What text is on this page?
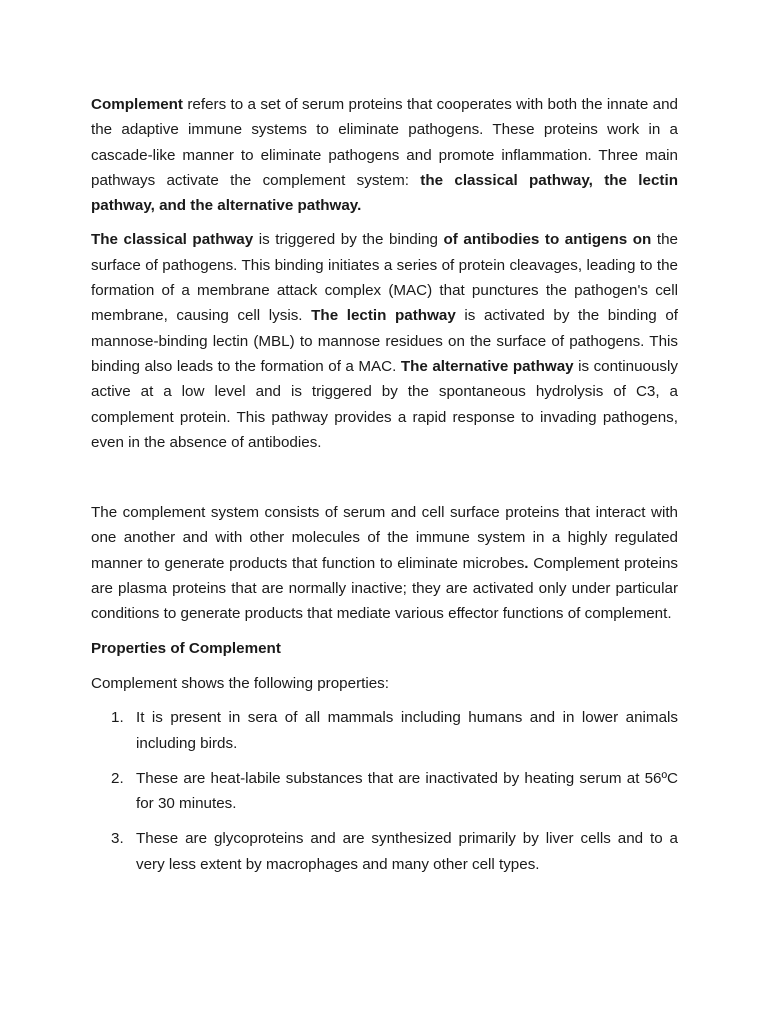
Complement refers to a set of serum proteins that cooperates with both the innate and the adaptive immune systems to eliminate pathogens. These proteins work in a cascade-like manner to eliminate pathogens and promote inflammation. Three main pathways activate the complement system: the classical pathway, the lectin pathway, and the alternative pathway.

The classical pathway is triggered by the binding of antibodies to antigens on the surface of pathogens. This binding initiates a series of protein cleavages, leading to the formation of a membrane attack complex (MAC) that punctures the pathogen's cell membrane, causing cell lysis. The lectin pathway is activated by the binding of mannose-binding lectin (MBL) to mannose residues on the surface of pathogens. This binding also leads to the formation of a MAC. The alternative pathway is continuously active at a low level and is triggered by the spontaneous hydrolysis of C3, a complement protein. This pathway provides a rapid response to invading pathogens, even in the absence of antibodies.

The complement system consists of serum and cell surface proteins that interact with one another and with other molecules of the immune system in a highly regulated manner to generate products that function to eliminate microbes. Complement proteins are plasma proteins that are normally inactive; they are activated only under particular conditions to generate products that mediate various effector functions of complement.

Properties of Complement

Complement shows the following properties:

1. It is present in sera of all mammals including humans and in lower animals including birds.

2. These are heat-labile substances that are inactivated by heating serum at 56ºC for 30 minutes.

3. These are glycoproteins and are synthesized primarily by liver cells and to a very less extent by macrophages and many other cell types.
